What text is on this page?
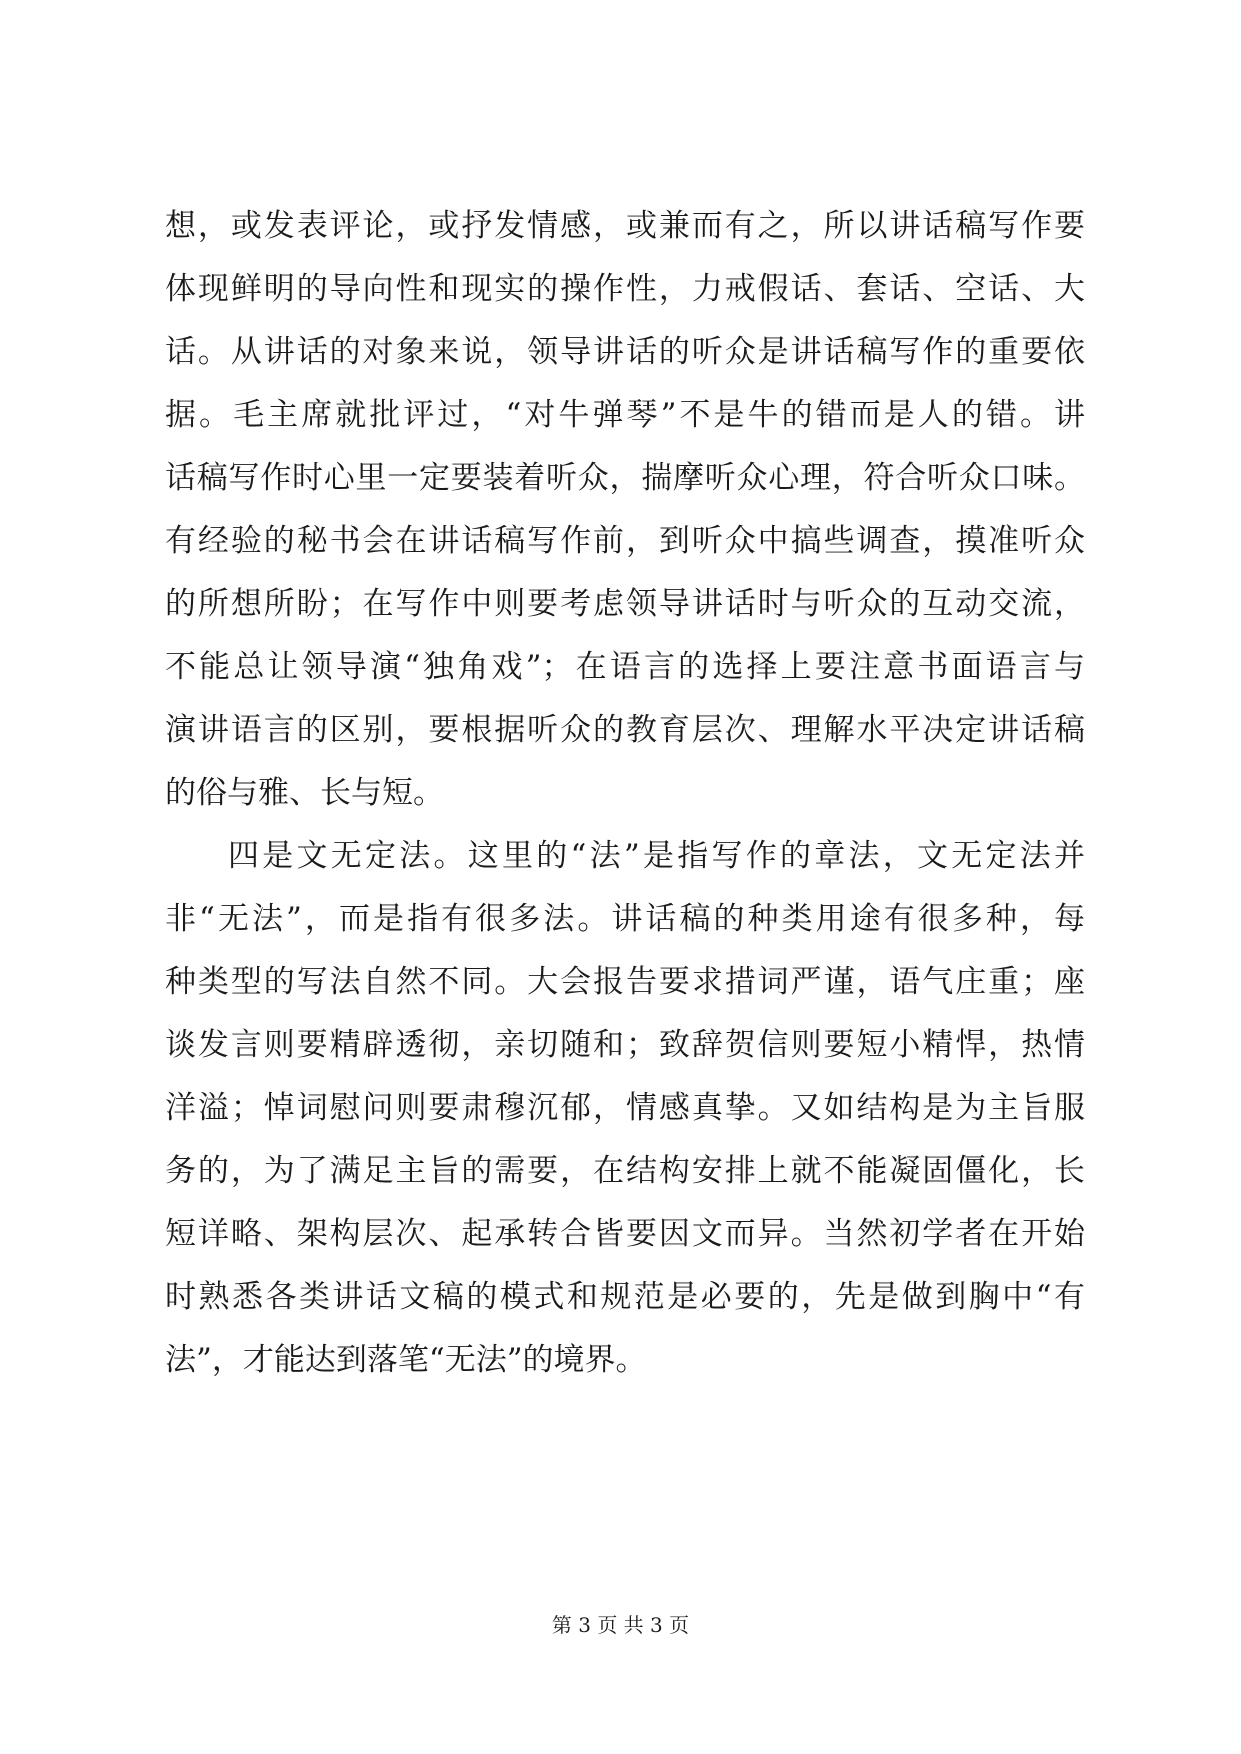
想，或发表评论，或抒发情感，或兼而有之，所以讲话稿写作要
体现鲜明的导向性和现实的操作性，力戒假话、套话、空话、大
话。从讲话的对象来说，领导讲话的听众是讲话稿写作的重要依
据。毛主席就批评过，“对牛弹琴”不是牛的错而是人的错。讲
话稿写作时心里一定要装着听众，揣摩听众心理，符合听众口味。
有经验的秘书会在讲话稿写作前，到听众中搞些调查，摸准听众
的所想所盼；在写作中则要考虑领导讲话时与听众的互动交流，
不能总让领导演“独角戏”；在语言的选择上要注意书面语言与
演讲语言的区别，要根据听众的教育层次、理解水平决定讲话稿
的俗与雅、长与短。
四是文无定法。这里的“法”是指写作的章法，文无定法并
非“无法”，而是指有很多法。讲话稿的种类用途有很多种，每
种类型的写法自然不同。大会报告要求措词严谨，语气庄重；座
谈发言则要精辟透彻，亲切随和；致辞贺信则要短小精悍，热情
洋溢；悼词慰问则要肃穆沉郁，情感真挚。又如结构是为主旨服
务的，为了满足主旨的需要，在结构安排上就不能凝固僵化，长
短详略、架构层次、起承转合皆要因文而异。当然初学者在开始
时熟悉各类讲话文稿的模式和规范是必要的，先是做到胸中“有
法”，才能达到落笔“无法”的境界。
第 3 页 共 3 页
